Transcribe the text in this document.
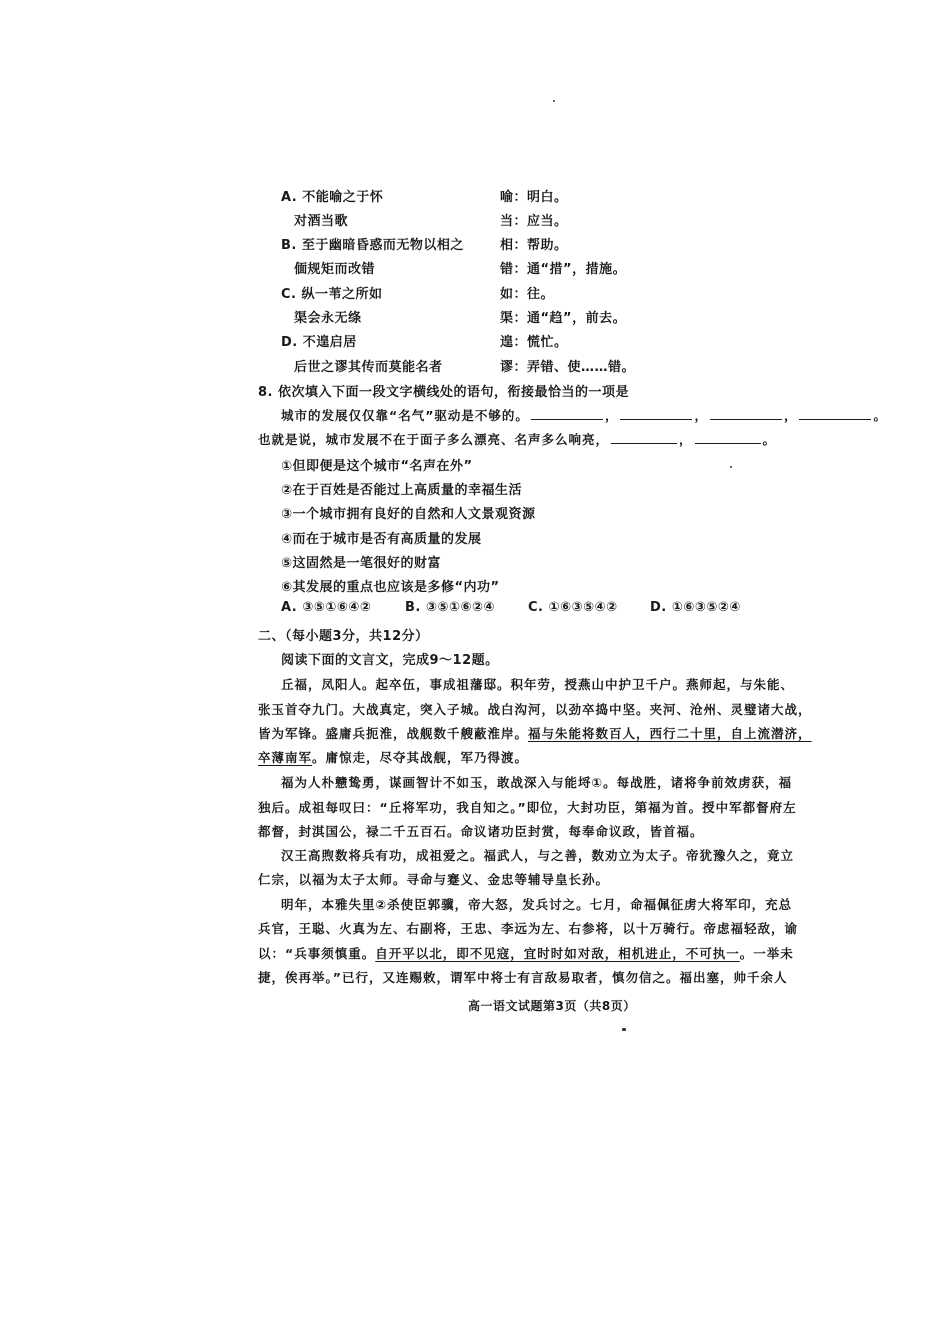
A. 不能喻之于怀	喻：明白。
对酒当歌	当：应当。
B. 至于幽暗昏惑而无物以相之	相：帮助。
偭规矩而改错	错：通“措”，措施。
C. 纵一苇之所如	如：往。
渠会永无绦	渠：通“趋”，前去。
D. 不遑启居	遑：慌忙。
后世之谬其传而莫能名者	谬：弄错、使……错。
8. 依次填入下面一段文字横线处的语句，衔接最恰当的一项是
城市的发展仅仅靠“名气”驱动是不够的。	，	，	，	。
也就是说，城市发展不在于面子多么漂亮、名声多么响亮，	，	。
①但即便是这个城市“名声在外”
②在于百姓是否能过上高质量的幸福生活
③一个城市拥有良好的自然和人文景观资源
④而在于城市是否有高质量的发展
⑤这固然是一笔很好的财富
⑥其发展的重点也应该是多修“内功”
A. ③⑤①⑥④②	B. ③⑤①⑥②④	C. ①⑥③⑤④② D. ①⑥③⑤②④
二、（每小题3分，共12分）
阅读下面的文言文，完成9～12题。
丘福，凤阳人。起卒伍，事成祖藩邸。积年劳，授燕山中护卫千户。燕师起，与朱能、
张玉首夺九门。大战真定，突入子城。战白沟河，以劲卒捣中坚。夹河、沧州、灵璧诸大战，
皆为军锋。盛庸兵扼淮，战舰数千艘蔽淮岸。福与朱能将数百人，西行二十里，自上流潜济，
卒薄南军。庸惊走，尽夺其战舰，军乃得渡。
福为人朴戆鸷勇，谋画智计不如玉，敢战深入与能埒①。每战胜，诸将争前效虏获，福
独后。成祖每叹曰：“丘将军功，我自知之。”即位，大封功臣，第福为首。授中军都督府左
都督，封淇国公，禄二千五百石。命议诸功臣封赏，每奉命议政，皆首福。
汉王高煦数将兵有功，成祖爱之。福武人，与之善，数劝立为太子。帝犹豫久之，竟立
仁宗，以福为太子太师。寻命与蹇义、金忠等辅导皇长孙。
明年，本雅失里②杀使臣郭骥，帝大怒，发兵讨之。七月，命福佩征虏大将军印，充总
兵官，王聪、火真为左、右副将，王忠、李远为左、右参将，以十万骑行。帝虑福轻敌，谕
以：“兵事须慎重。自开平以北，即不见寇，宜时时如对敌，相机进止，不可执一。一举未
捷，俟再举。”已行，又连赐敕，谓军中将士有言敌易取者，慎勿信之。福出塞，帅千余人
高一语文试题第3页（共8页）
